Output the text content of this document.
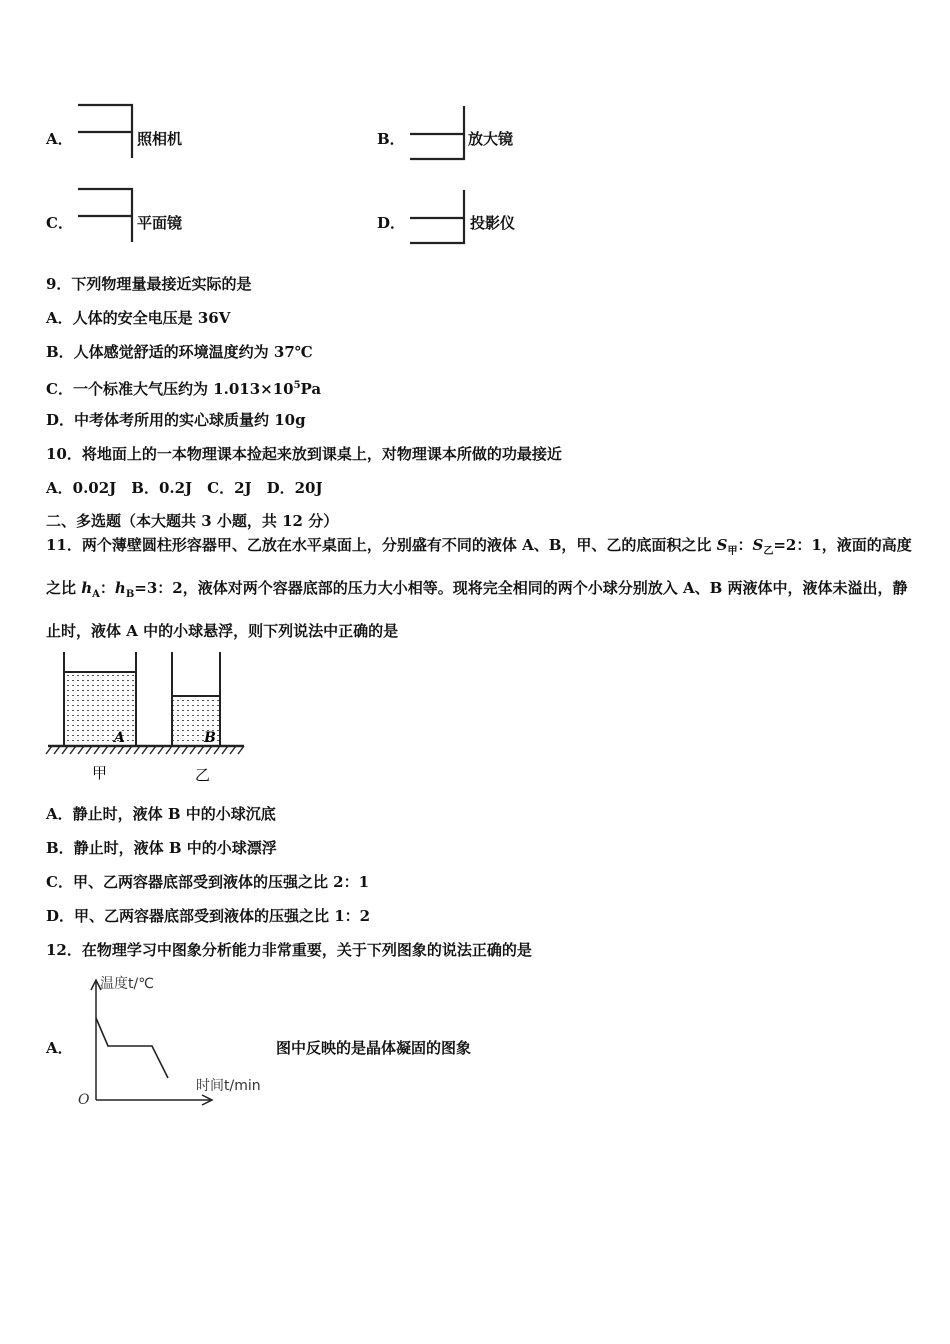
A．	照相机	B．	放大镜
C．	平面镜	D．	投影仪
9．下列物理量最接近实际的是
A．人体的安全电压是 36V
B．人体感觉舒适的环境温度约为 37℃
C．一个标准大气压约为 $1.013\times 10^5Pa$
D．中考体考所用的实心球质量约 10g
10．将地面上的一本物理课本捡起来放到课桌上，对物理课本所做的功最接近
A．0.02J　B．0.2J　C．2J　D．20J
二、多选题（本大题共 3 小题，共 12 分）
11．两个薄壁圆柱形容器甲、乙放在水平桌面上，分别盛有不同的液体 A、B，甲、乙的底面积之比 $S_甲$：$S_乙=2$：1，液面的高度之比 $h_A$：$h_B=3$：2，液体对两个容器底部的压力大小相等。现将完全相同的两个小球分别放入 A、B 两液体中，液体未溢出，静止时，液体 A 中的小球悬浮，则下列说法中正确的是
A	B
甲	乙
A．静止时，液体 B 中的小球沉底
B．静止时，液体 B 中的小球漂浮
C．甲、乙两容器底部受到液体的压强之比 2：1
D．甲、乙两容器底部受到液体的压强之比 1：2
12．在物理学习中图象分析能力非常重要，关于下列图象的说法正确的是
A．
温度t/℃
时间t/min
O
图中反映的是晶体凝固的图象
